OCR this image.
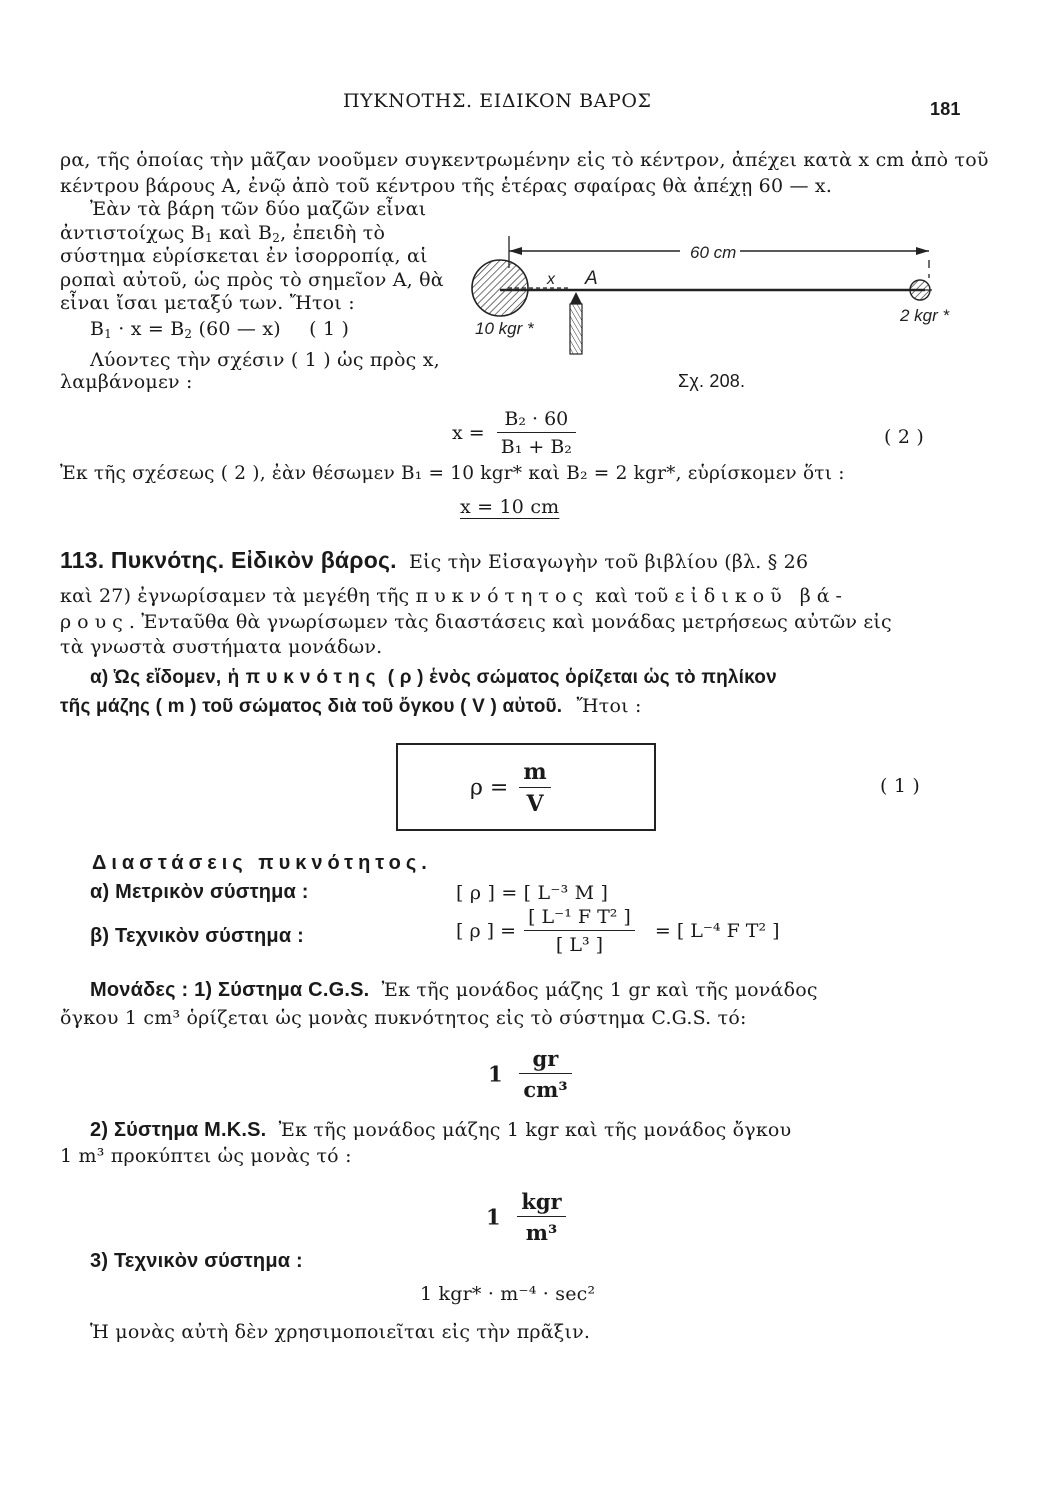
ΠΥΚΝΟΤΗΣ. ΕΙΔΙΚΟΝ ΒΑΡΟΣ	181
ρα, τῆς ὁποίας τὴν μᾶζαν νοοῦμεν συγκεντρωμένην εἰς τὸ κέντρον, ἀπέχει κατὰ x cm ἀπὸ τοῦ
κέντρου βάρους Α, ἐνῷ ἀπὸ τοῦ κέντρου τῆς ἑτέρας σφαίρας θὰ ἀπέχῃ 60 — x.
Ἐὰν τὰ βάρη τῶν δύο μαζῶν εἶναι
ἀντιστοίχως $B_1$ καὶ $B_2$, ἐπειδὴ τὸ
σύστημα εὑρίσκεται ἐν ἰσορροπίᾳ, αἱ
ροπαὶ αὐτοῦ, ὡς πρὸς τὸ σημεῖον Α, θὰ
εἶναι ἴσαι μεταξύ των. Ἤτοι :
$B_1 \cdot x = B_2$ (60 — x) ( 1 )
Λύοντες τὴν σχέσιν ( 1 ) ὡς πρὸς x,
λαμβάνομεν :
60 cm
x A
10 kgr *
2 kgr *
Σχ. 208.
$x = \frac{\text{B₂ · 60}}{\text{B₁ + B₂}}$	( 2 )
Ἐκ τῆς σχέσεως ( 2 ), ἐὰν θέσωμεν B₁ = 10 kgr* καὶ B₂ = 2 kgr*, εὑρίσκομεν ὅτι :
x = 10 cm
113. Πυκνότης. Εἰδικὸν βάρος. Εἰς τὴν Εἰσαγωγὴν τοῦ βιβλίου (βλ. § 26
καὶ 27) ἐγνωρίσαμεν τὰ μεγέθη τῆς πυκνότητος καὶ τοῦ εἰδικοῦ βά-
ρους. Ἐνταῦθα θὰ γνωρίσωμεν τὰς διαστάσεις καὶ μονάδας μετρήσεως αὐτῶν εἰς
τὰ γνωστὰ συστήματα μονάδων.
α) Ὡς εἴδομεν, ἡ πυκνότης ( ρ ) ἑνὸς σώματος ὁρίζεται ὡς τὸ πηλίκον
τῆς μάζης ( m ) τοῦ σώματος διὰ τοῦ ὄγκου ( V ) αὐτοῦ. Ἤτοι :
$\rho = \frac{m}{V}$	( 1 )
Διαστάσεις πυκνότητος.
α) Μετρικὸν σύστημα :	[ ρ ] = [ L⁻³ M ]
β) Τεχνικὸν σύστημα :	[ ρ ] = $\frac{\text{[ L⁻¹ F T² ]}}{\text{[ L³ ]}}$ = [ L⁻⁴ F T² ]
Μονάδες : 1) Σύστημα C.G.S. Ἐκ τῆς μονάδος μάζης 1 gr καὶ τῆς μονάδος
ὄγκου 1 cm³ ὁρίζεται ὡς μονὰς πυκνότητος εἰς τὸ σύστημα C.G.S. τό:
$1 \frac{gr}{\text{cm³}}$
2) Σύστημα M.K.S. Ἐκ τῆς μονάδος μάζης 1 kgr καὶ τῆς μονάδος ὄγκου
1 m³ προκύπτει ὡς μονὰς τό :
$1 \frac{\text{kgr}}{\text{m³}}$
3) Τεχνικὸν σύστημα :
1 kgr* · m⁻⁴ · sec²
Ἡ μονὰς αὐτὴ δὲν χρησιμοποιεῖται εἰς τὴν πρᾶξιν.
